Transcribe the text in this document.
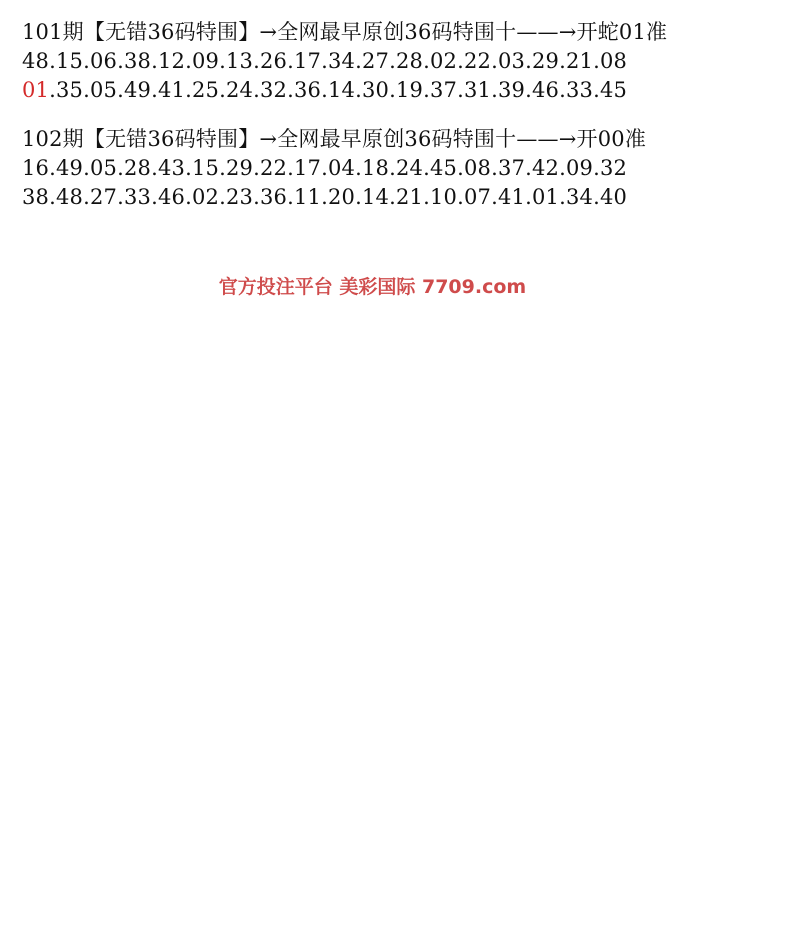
101期【无错36码特围】→全网最早原创36码特围十——→开蛇01准
48.15.06.38.12.09.13.26.17.34.27.28.02.22.03.29.21.08
01.35.05.49.41.25.24.32.36.14.30.19.37.31.39.46.33.45
102期【无错36码特围】→全网最早原创36码特围十——→开00准
16.49.05.28.43.15.29.22.17.04.18.24.45.08.37.42.09.32
38.48.27.33.46.02.23.36.11.20.14.21.10.07.41.01.34.40
官方投注平台 美彩国际 7709.com
